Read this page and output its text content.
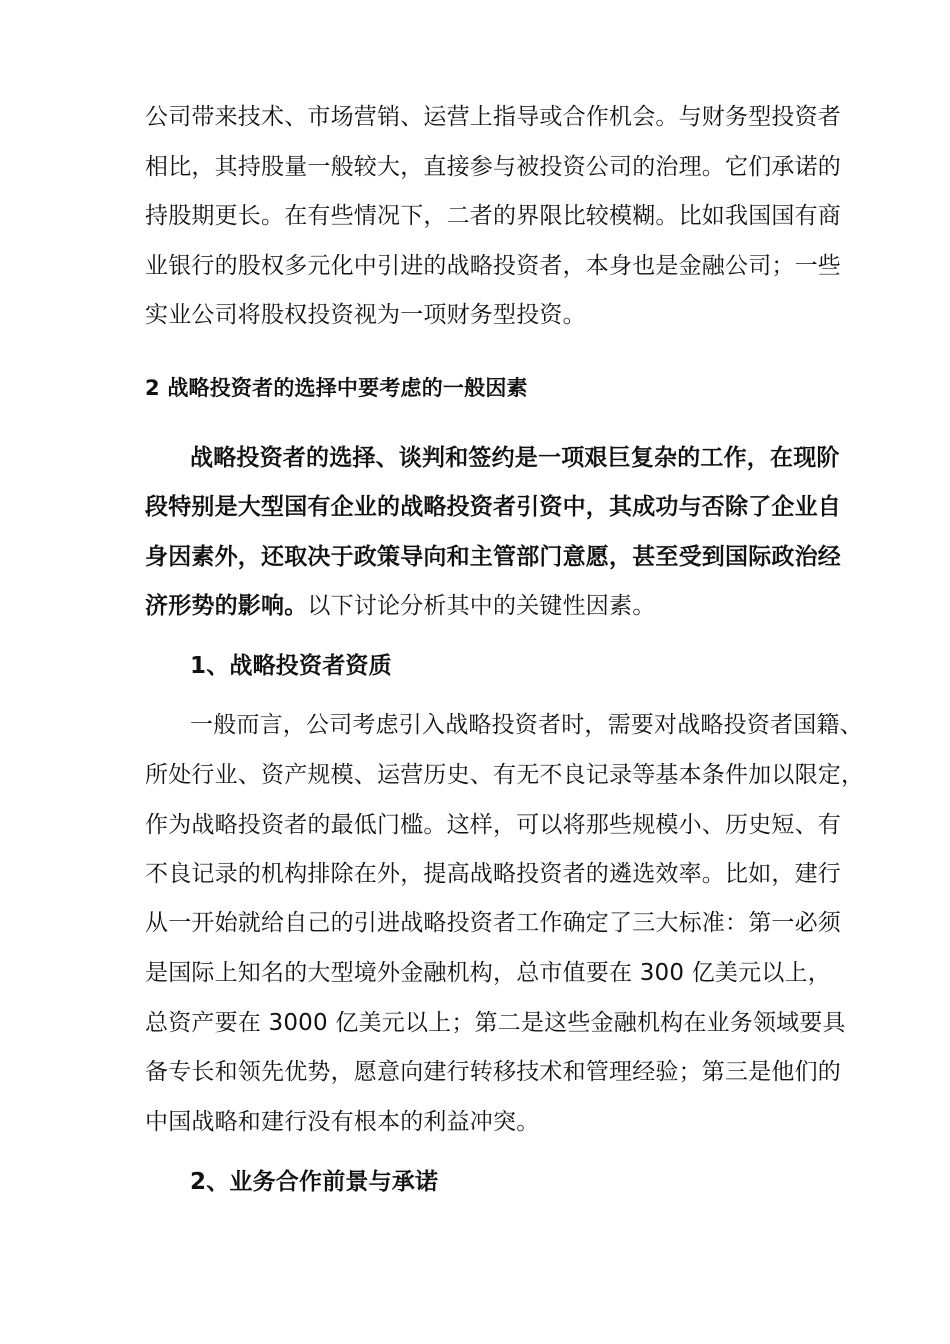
公司带来技术、市场营销、运营上指导或合作机会。与财务型投资者
相比，其持股量一般较大，直接参与被投资公司的治理。它们承诺的
持股期更长。在有些情况下，二者的界限比较模糊。比如我国国有商
业银行的股权多元化中引进的战略投资者，本身也是金融公司；一些
实业公司将股权投资视为一项财务型投资。
2 战略投资者的选择中要考虑的一般因素
战略投资者的选择、谈判和签约是一项艰巨复杂的工作，在现阶
段特别是大型国有企业的战略投资者引资中，其成功与否除了企业自
身因素外，还取决于政策导向和主管部门意愿，甚至受到国际政治经
济形势的影响。以下讨论分析其中的关键性因素。
1、战略投资者资质
一般而言，公司考虑引入战略投资者时，需要对战略投资者国籍、
所处行业、资产规模、运营历史、有无不良记录等基本条件加以限定，
作为战略投资者的最低门槛。这样，可以将那些规模小、历史短、有
不良记录的机构排除在外，提高战略投资者的遴选效率。比如，建行
从一开始就给自己的引进战略投资者工作确定了三大标准：第一必须
是国际上知名的大型境外金融机构，总市值要在 300 亿美元以上，
总资产要在 3000 亿美元以上；第二是这些金融机构在业务领域要具
备专长和领先优势，愿意向建行转移技术和管理经验；第三是他们的
中国战略和建行没有根本的利益冲突。
2、业务合作前景与承诺
